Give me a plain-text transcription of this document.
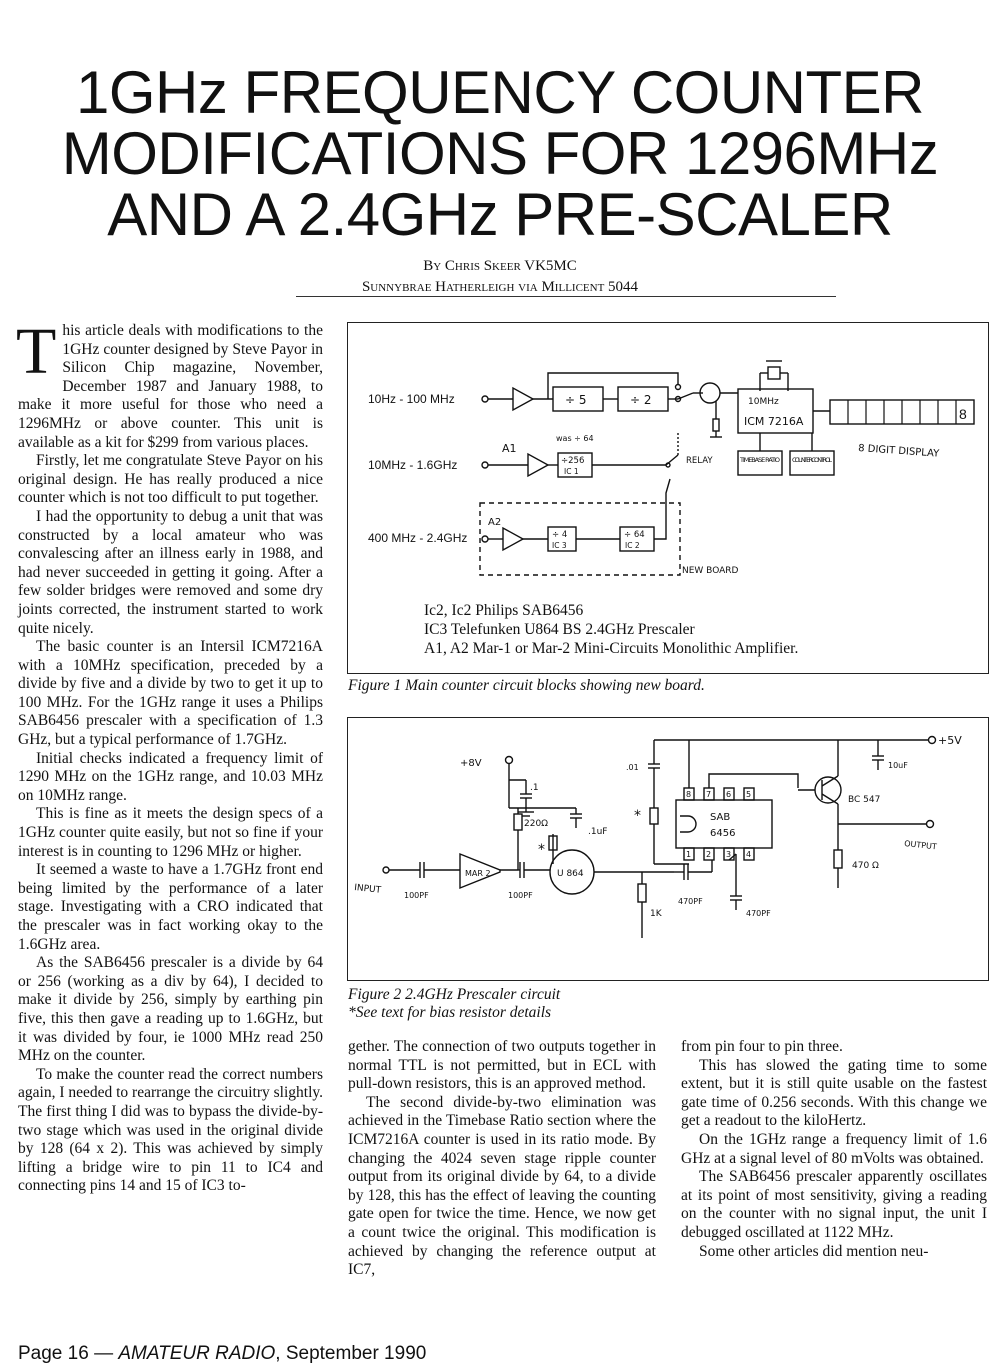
1GHz FREQUENCY COUNTER
MODIFICATIONS FOR 1296MHz
AND A 2.4GHz PRE-SCALER
By Chris Skeer VK5MC
Sunnybrae Hatherleigh via Millicent 5044

This article deals with modifications to the 1GHz counter designed by Steve Payor in Silicon Chip magazine, November, December 1987 and January 1988, to make it more useful for those who need a 1296MHz or above counter. This unit is available as a kit for $299 from various places.

Firstly, let me congratulate Steve Payor on his original design. He has really produced a nice counter which is not too difficult to put together.

I had the opportunity to debug a unit that was constructed by a local amateur who was convalescing after an illness early in 1988, and had never succeeded in getting it going. After a few solder bridges were removed and some dry joints corrected, the instrument started to work quite nicely.

The basic counter is an Intersil ICM7216A with a 10MHz specification, preceded by a divide by five and a divide by two to get it up to 100 MHz. For the 1GHz range it uses a Philips SAB6456 prescaler with a specification of 1.3 GHz, but a typical performance of 1.7GHz.

Initial checks indicated a frequency limit of 1290 MHz on the 1GHz range, and 10.03 MHz on 10MHz range.

This is fine as it meets the design specs of a 1GHz counter quite easily, but not so fine if your interest is in counting to 1296 MHz or higher.

It seemed a waste to have a 1.7GHz front end being limited by the performance of a later stage. Investigating with a CRO indicated that the prescaler was in fact working okay to the 1.6GHz area.

As the SAB6456 prescaler is a divide by 64 or 256 (working as a div by 64), I decided to make it divide by 256, simply by earthing pin five, this then gave a reading up to 1.6GHz, but it was divided by four, ie 1000 MHz read 250 MHz on the counter.

To make the counter read the correct numbers again, I needed to rearrange the circuitry slightly. The first thing I did was to bypass the divide-by-two stage which was used in the original divide by 128 (64 x 2). This was achieved by simply lifting a bridge wire to pin 11 to IC4 and connecting pins 14 and 15 of IC3 to-

10Hz - 100 MHz
10MHz - 1.6GHz
400 MHz - 2.4GHz
÷ 5	÷ 2	10MHz
ICM 7216A	8
8 DIGIT DISPLAY
TIMEBASE RATIO COUNTER CONTROL
A1
was ÷ 64
÷256
IC 1
RELAY
NEW BOARD
A2
÷ 4
IC 3
÷ 64
IC 2
Ic2, Ic2 Philips SAB6456
IC3 Telefunken U864 BS 2.4GHz Prescaler
A1, A2 Mar-1 or Mar-2 Mini-Circuits Monolithic Amplifier.
Figure 1 Main counter circuit blocks showing new board.
+8V
.1
220Ω
.1uF
*
INPUT	100PF
MAR 2
100PF
U 864
1K
470PF
470PF
SAB
6456
8 7 6 5
1 2 3 4
*
.01
+5V
BC 547
10uF
OUTPUT
470 Ω
Figure 2 2.4GHz Prescaler circuit
*See text for bias resistor details

gether. The connection of two outputs together in normal TTL is not permitted, but in ECL with pull-down resistors, this is an approved method.

The second divide-by-two elimination was achieved in the Timebase Ratio section where the ICM7216A counter is used in its ratio mode. By changing the 4024 seven stage ripple counter output from its original divide by 64, to a divide by 128, this has the effect of leaving the counting gate open for twice the time. Hence, we now get a count twice the original. This modification is achieved by changing the reference output at IC7,

from pin four to pin three.

This has slowed the gating time to some extent, but it is still quite usable on the fastest gate time of 0.256 seconds. With this change we get a readout to the kiloHertz.

On the 1GHz range a frequency limit of 1.6 GHz at a signal level of 80 mVolts was obtained.

The SAB6456 prescaler apparently oscillates at its point of most sensitivity, giving a reading on the counter with no signal input, the unit I debugged oscillated at 1122 MHz.

Some other articles did mention neu-

Page 16 — AMATEUR RADIO, September 1990
